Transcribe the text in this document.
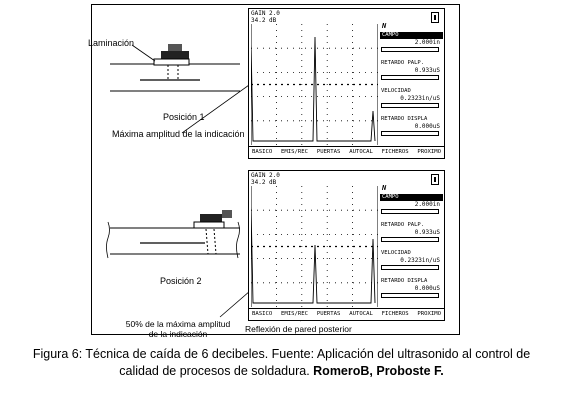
Laminación
Posición 1
Máxima amplitud de la indicación
Posición 2
50% de la máxima amplitud
de la indicación	Reflexión de pared posterior
GAIN 2.0
34.2 dB
N
CAMPO
2.000in
RETARDO PALP.
0.933uS
VELOCIDAD
0.2323in/uS
RETARDO DISPLA
0.000uS
BASICO EMIS/REC PUERTAS AUTOCAL FICHEROS PROXIMO
GAIN 2.0
34.2 dB
N
CAMPO
2.000in
RETARDO PALP.
0.933uS
VELOCIDAD
0.2323in/uS
RETARDO DISPLA
0.000uS
BASICO EMIS/REC PUERTAS AUTOCAL FICHEROS PROXIMO
Figura 6: Técnica de caída de 6 decibeles. Fuente: Aplicación del ultrasonido al control de
calidad de procesos de soldadura. RomeroB, Proboste F.
